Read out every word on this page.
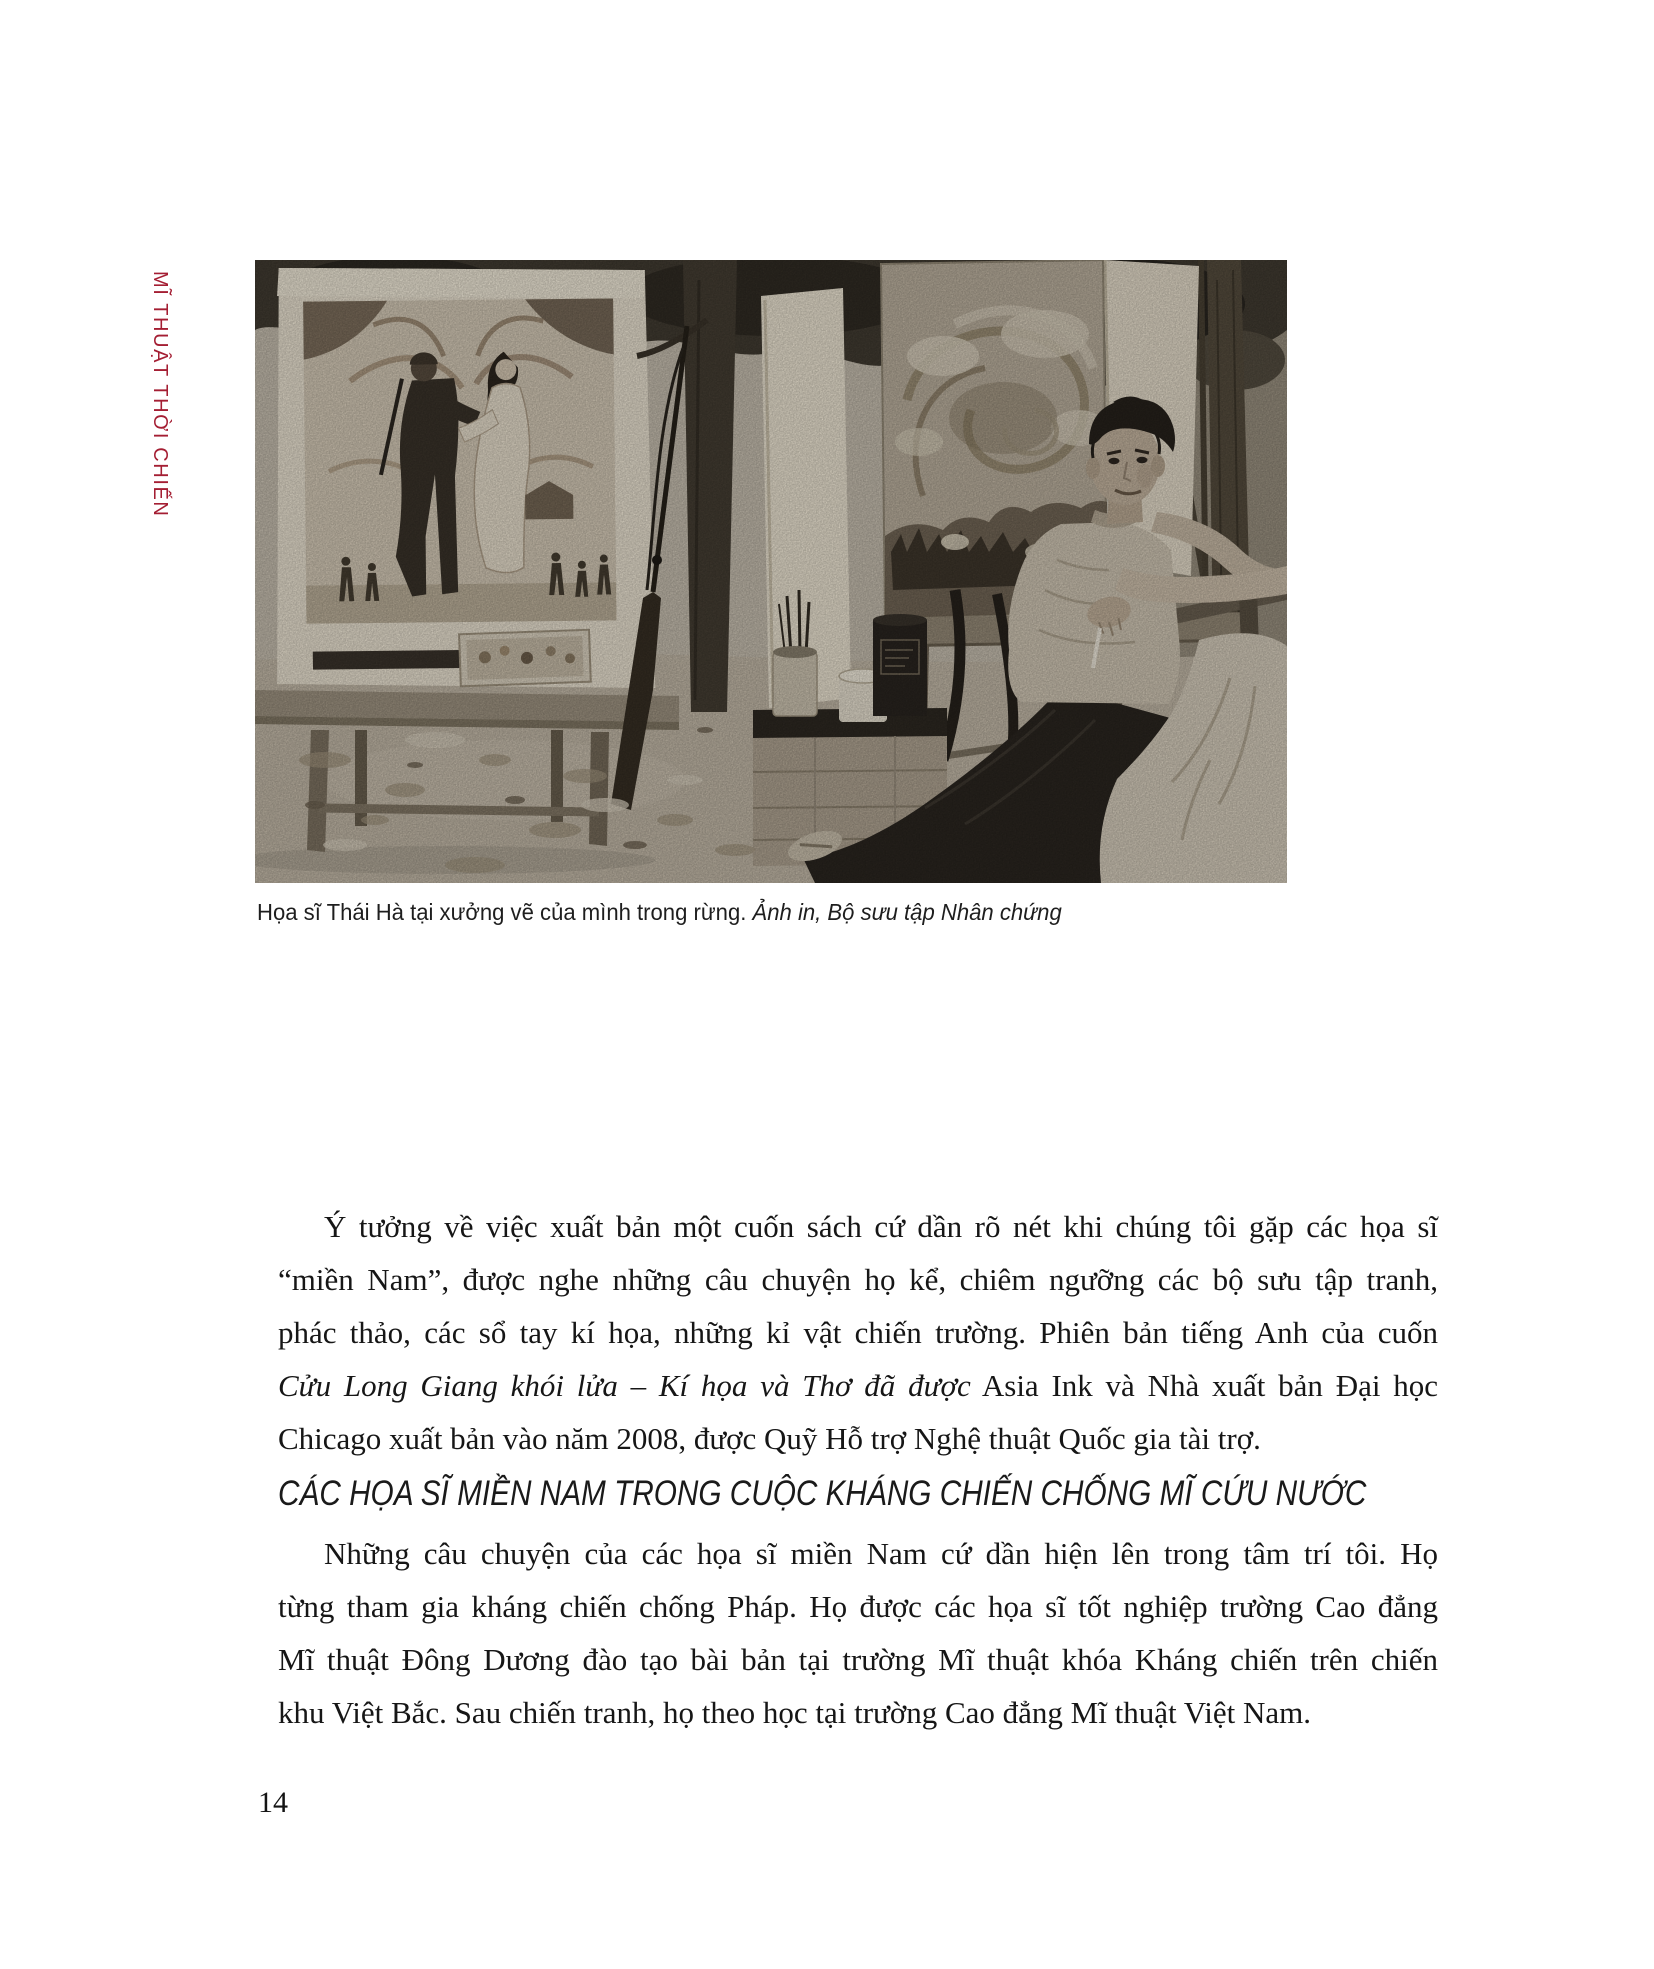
MĨ THUẬT THỜI CHIẾN
Họa sĩ Thái Hà tại xưởng vẽ của mình trong rừng. Ảnh in, Bộ sưu tập Nhân chứng
Ý tưởng về việc xuất bản một cuốn sách cứ dần rõ nét khi chúng tôi gặp các họa sĩ
“miền Nam”, được nghe những câu chuyện họ kể, chiêm ngưỡng các bộ sưu tập tranh,
phác thảo, các sổ tay kí họa, những kỉ vật chiến trường. Phiên bản tiếng Anh của cuốn
Cửu Long Giang khói lửa – Kí họa và Thơ đã được Asia Ink và Nhà xuất bản Đại học
Chicago xuất bản vào năm 2008, được Quỹ Hỗ trợ Nghệ thuật Quốc gia tài trợ.
CÁC HỌA SĨ MIỀN NAM TRONG CUỘC KHÁNG CHIẾN CHỐNG MĨ CỨU NƯỚC
Những câu chuyện của các họa sĩ miền Nam cứ dần hiện lên trong tâm trí tôi. Họ
từng tham gia kháng chiến chống Pháp. Họ được các họa sĩ tốt nghiệp trường Cao đẳng
Mĩ thuật Đông Dương đào tạo bài bản tại trường Mĩ thuật khóa Kháng chiến trên chiến
khu Việt Bắc. Sau chiến tranh, họ theo học tại trường Cao đẳng Mĩ thuật Việt Nam.
14
